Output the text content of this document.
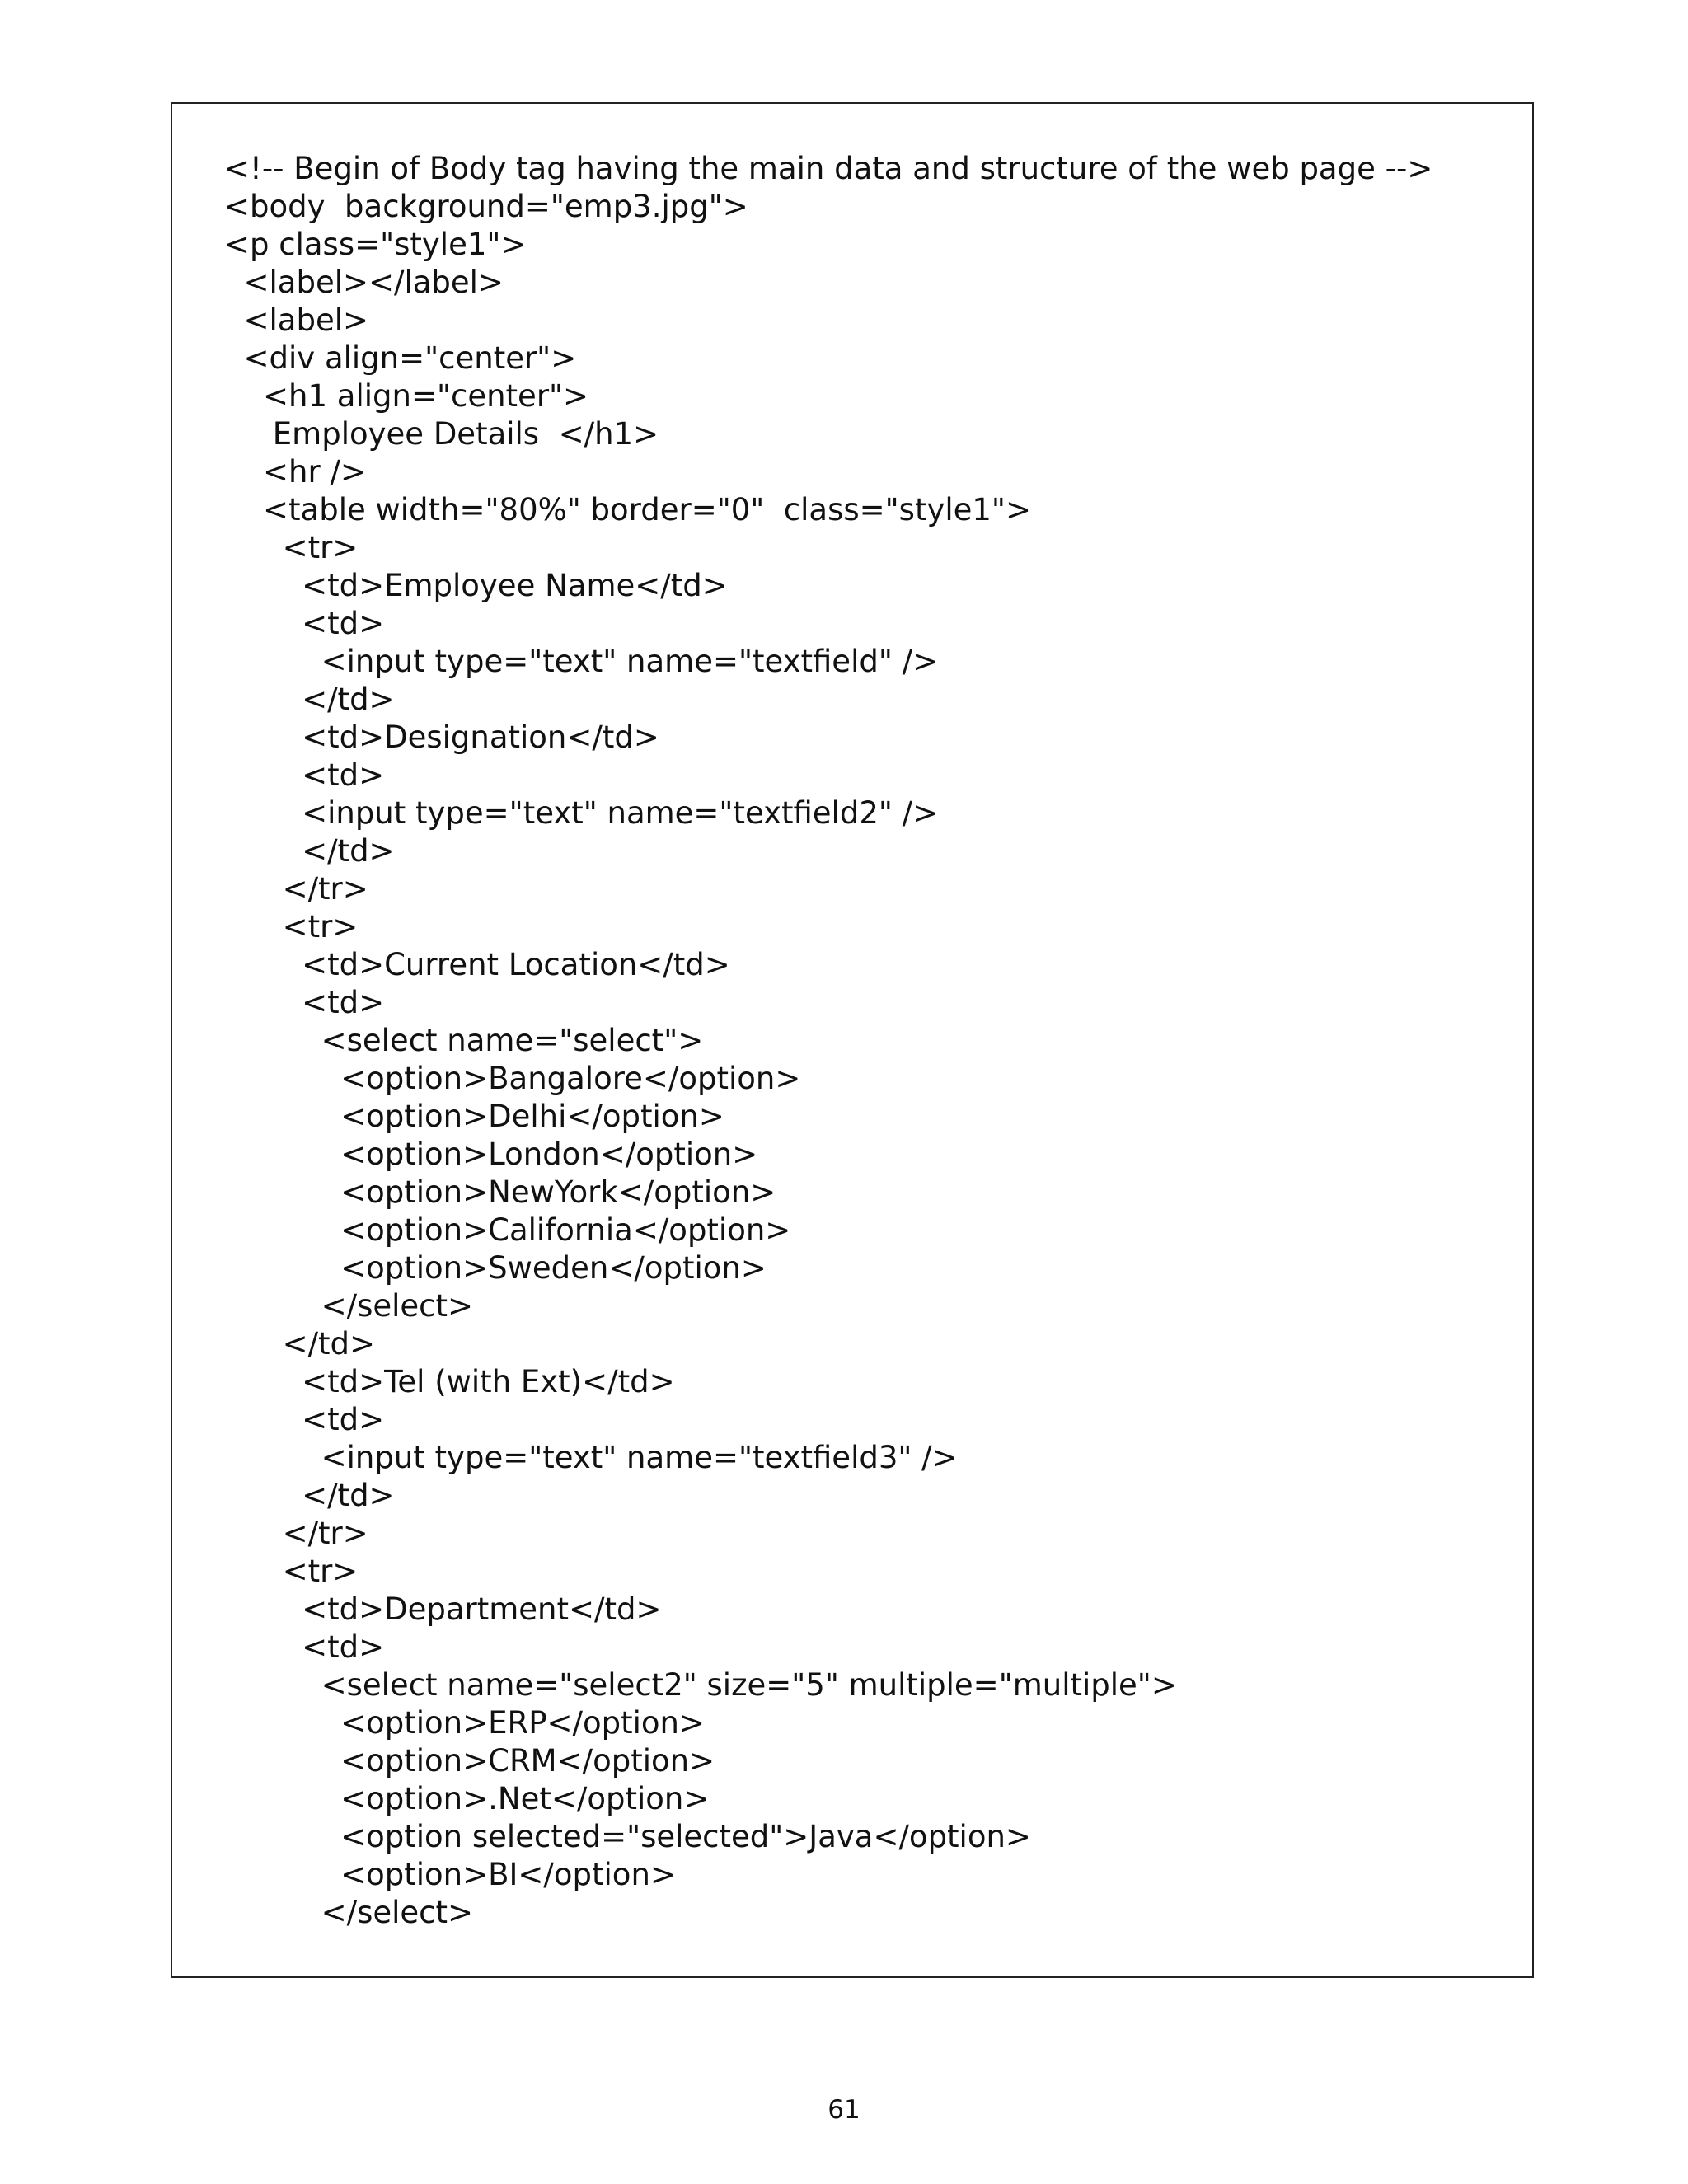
<!-- Begin of Body tag having the main data and structure of the web page -->
<body  background="emp3.jpg">
<p class="style1">
<label></label>
<label>
<div align="center">
<h1 align="center">
Employee Details  </h1>
<hr />
<table width="80%" border="0"  class="style1">
<tr>
<td>Employee Name</td>
<td>
<input type="text" name="textfield" />
</td>
<td>Designation</td>
<td>
<input type="text" name="textfield2" />
</td>
</tr>
<tr>
<td>Current Location</td>
<td>
<select name="select">
<option>Bangalore</option>
<option>Delhi</option>
<option>London</option>
<option>NewYork</option>
<option>California</option>
<option>Sweden</option>
</select>
</td>
<td>Tel (with Ext)</td>
<td>
<input type="text" name="textfield3" />
</td>
</tr>
<tr>
<td>Department</td>
<td>
<select name="select2" size="5" multiple="multiple">
<option>ERP</option>
<option>CRM</option>
<option>.Net</option>
<option selected="selected">Java</option>
<option>BI</option>
</select>
61
